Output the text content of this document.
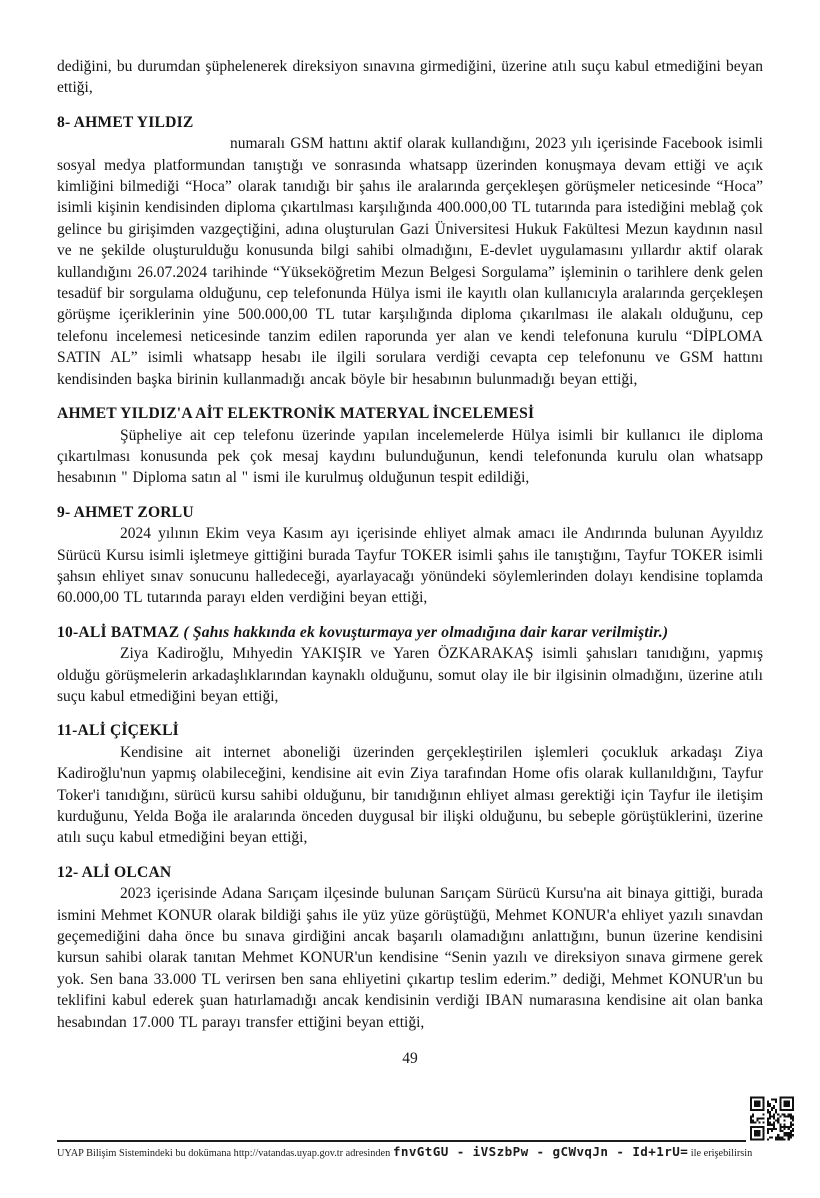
dediğini, bu durumdan şüphelenerek direksiyon sınavına girmediğini, üzerine atılı suçu kabul etmediğini beyan ettiği,

8- AHMET YILDIZ

numaralı GSM hattını aktif olarak kullandığını, 2023 yılı içerisinde Facebook isimli sosyal medya platformundan tanıştığı ve sonrasında whatsapp üzerinden konuşmaya devam ettiği ve açık kimliğini bilmediği “Hoca” olarak tanıdığı bir şahıs ile aralarında gerçekleşen görüşmeler neticesinde “Hoca” isimli kişinin kendisinden diploma çıkartılması karşılığında 400.000,00 TL tutarında para istediğini meblağ çok gelince bu girişimden vazgeçtiğini, adına oluşturulan Gazi Üniversitesi Hukuk Fakültesi Mezun kaydının nasıl ve ne şekilde oluşturulduğu konusunda bilgi sahibi olmadığını, E-devlet uygulamasını yıllardır aktif olarak kullandığını 26.07.2024 tarihinde “Yükseköğretim Mezun Belgesi Sorgulama” işleminin o tarihlere denk gelen tesadüf bir sorgulama olduğunu, cep telefonunda Hülya ismi ile kayıtlı olan kullanıcıyla aralarında gerçekleşen görüşme içeriklerinin yine 500.000,00 TL tutar karşılığında diploma çıkarılması ile alakalı olduğunu, cep telefonu incelemesi neticesinde tanzim edilen raporunda yer alan ve kendi telefonuna kurulu “DİPLOMA SATIN AL” isimli whatsapp hesabı ile ilgili sorulara verdiği cevapta cep telefonunu ve GSM hattını kendisinden başka birinin kullanmadığı ancak böyle bir hesabının bulunmadığı beyan ettiği,

AHMET YILDIZ'A AİT ELEKTRONİK MATERYAL İNCELEMESİ

Şüpheliye ait cep telefonu üzerinde yapılan incelemelerde Hülya isimli bir kullanıcı ile diploma çıkartılması konusunda pek çok mesaj kaydını bulunduğunun, kendi telefonunda kurulu olan whatsapp hesabının " Diploma satın al " ismi ile kurulmuş olduğunun tespit edildiği,

9- AHMET ZORLU

2024 yılının Ekim veya Kasım ayı içerisinde ehliyet almak amacı ile Andırında bulunan Ayyıldız Sürücü Kursu isimli işletmeye gittiğini burada Tayfur TOKER isimli şahıs ile tanıştığını, Tayfur TOKER isimli şahsın ehliyet sınav sonucunu halledeceği, ayarlayacağı yönündeki söylemlerinden dolayı kendisine toplamda 60.000,00 TL tutarında parayı elden verdiğini beyan ettiği,

10-ALİ BATMAZ ( Şahıs hakkında ek kovuşturmaya yer olmadığına dair karar verilmiştir.)

Ziya Kadiroğlu, Mıhyedin YAKIŞIR ve Yaren ÖZKARAKAŞ isimli şahısları tanıdığını, yapmış olduğu görüşmelerin arkadaşlıklarından kaynaklı olduğunu, somut olay ile bir ilgisinin olmadığını, üzerine atılı suçu kabul etmediğini beyan ettiği,

11-ALİ ÇİÇEKLİ

Kendisine ait internet aboneliği üzerinden gerçekleştirilen işlemleri çocukluk arkadaşı Ziya Kadiroğlu'nun yapmış olabileceğini, kendisine ait evin Ziya tarafından Home ofis olarak kullanıldığını, Tayfur Toker'i tanıdığını, sürücü kursu sahibi olduğunu, bir tanıdığının ehliyet alması gerektiği için Tayfur ile iletişim kurduğunu, Yelda Boğa ile aralarında önceden duygusal bir ilişki olduğunu, bu sebeple görüştüklerini, üzerine atılı suçu kabul etmediğini beyan ettiği,

12- ALİ OLCAN

2023 içerisinde Adana Sarıçam ilçesinde bulunan Sarıçam Sürücü Kursu'na ait binaya gittiği, burada ismini Mehmet KONUR olarak bildiği şahıs ile yüz yüze görüştüğü, Mehmet KONUR'a ehliyet yazılı sınavdan geçemediğini daha önce bu sınava girdiğini ancak başarılı olamadığını anlattığını, bunun üzerine kendisini kursun sahibi olarak tanıtan Mehmet KONUR'un kendisine “Senin yazılı ve direksiyon sınava girmene gerek yok. Sen bana 33.000 TL verirsen ben sana ehliyetini çıkartıp teslim ederim.” dediği, Mehmet KONUR'un bu teklifini kabul ederek şuan hatırlamadığı ancak kendisinin verdiği IBAN numarasına kendisine ait olan banka hesabından 17.000 TL parayı transfer ettiğini beyan ettiği,

49
UYAP Bilişim Sistemindeki bu dokümana http://vatandas.uyap.gov.tr adresinden fnvGtGU - iVSzbPw - gCWvqJn - Id+1rU= ile erişebilirsin
